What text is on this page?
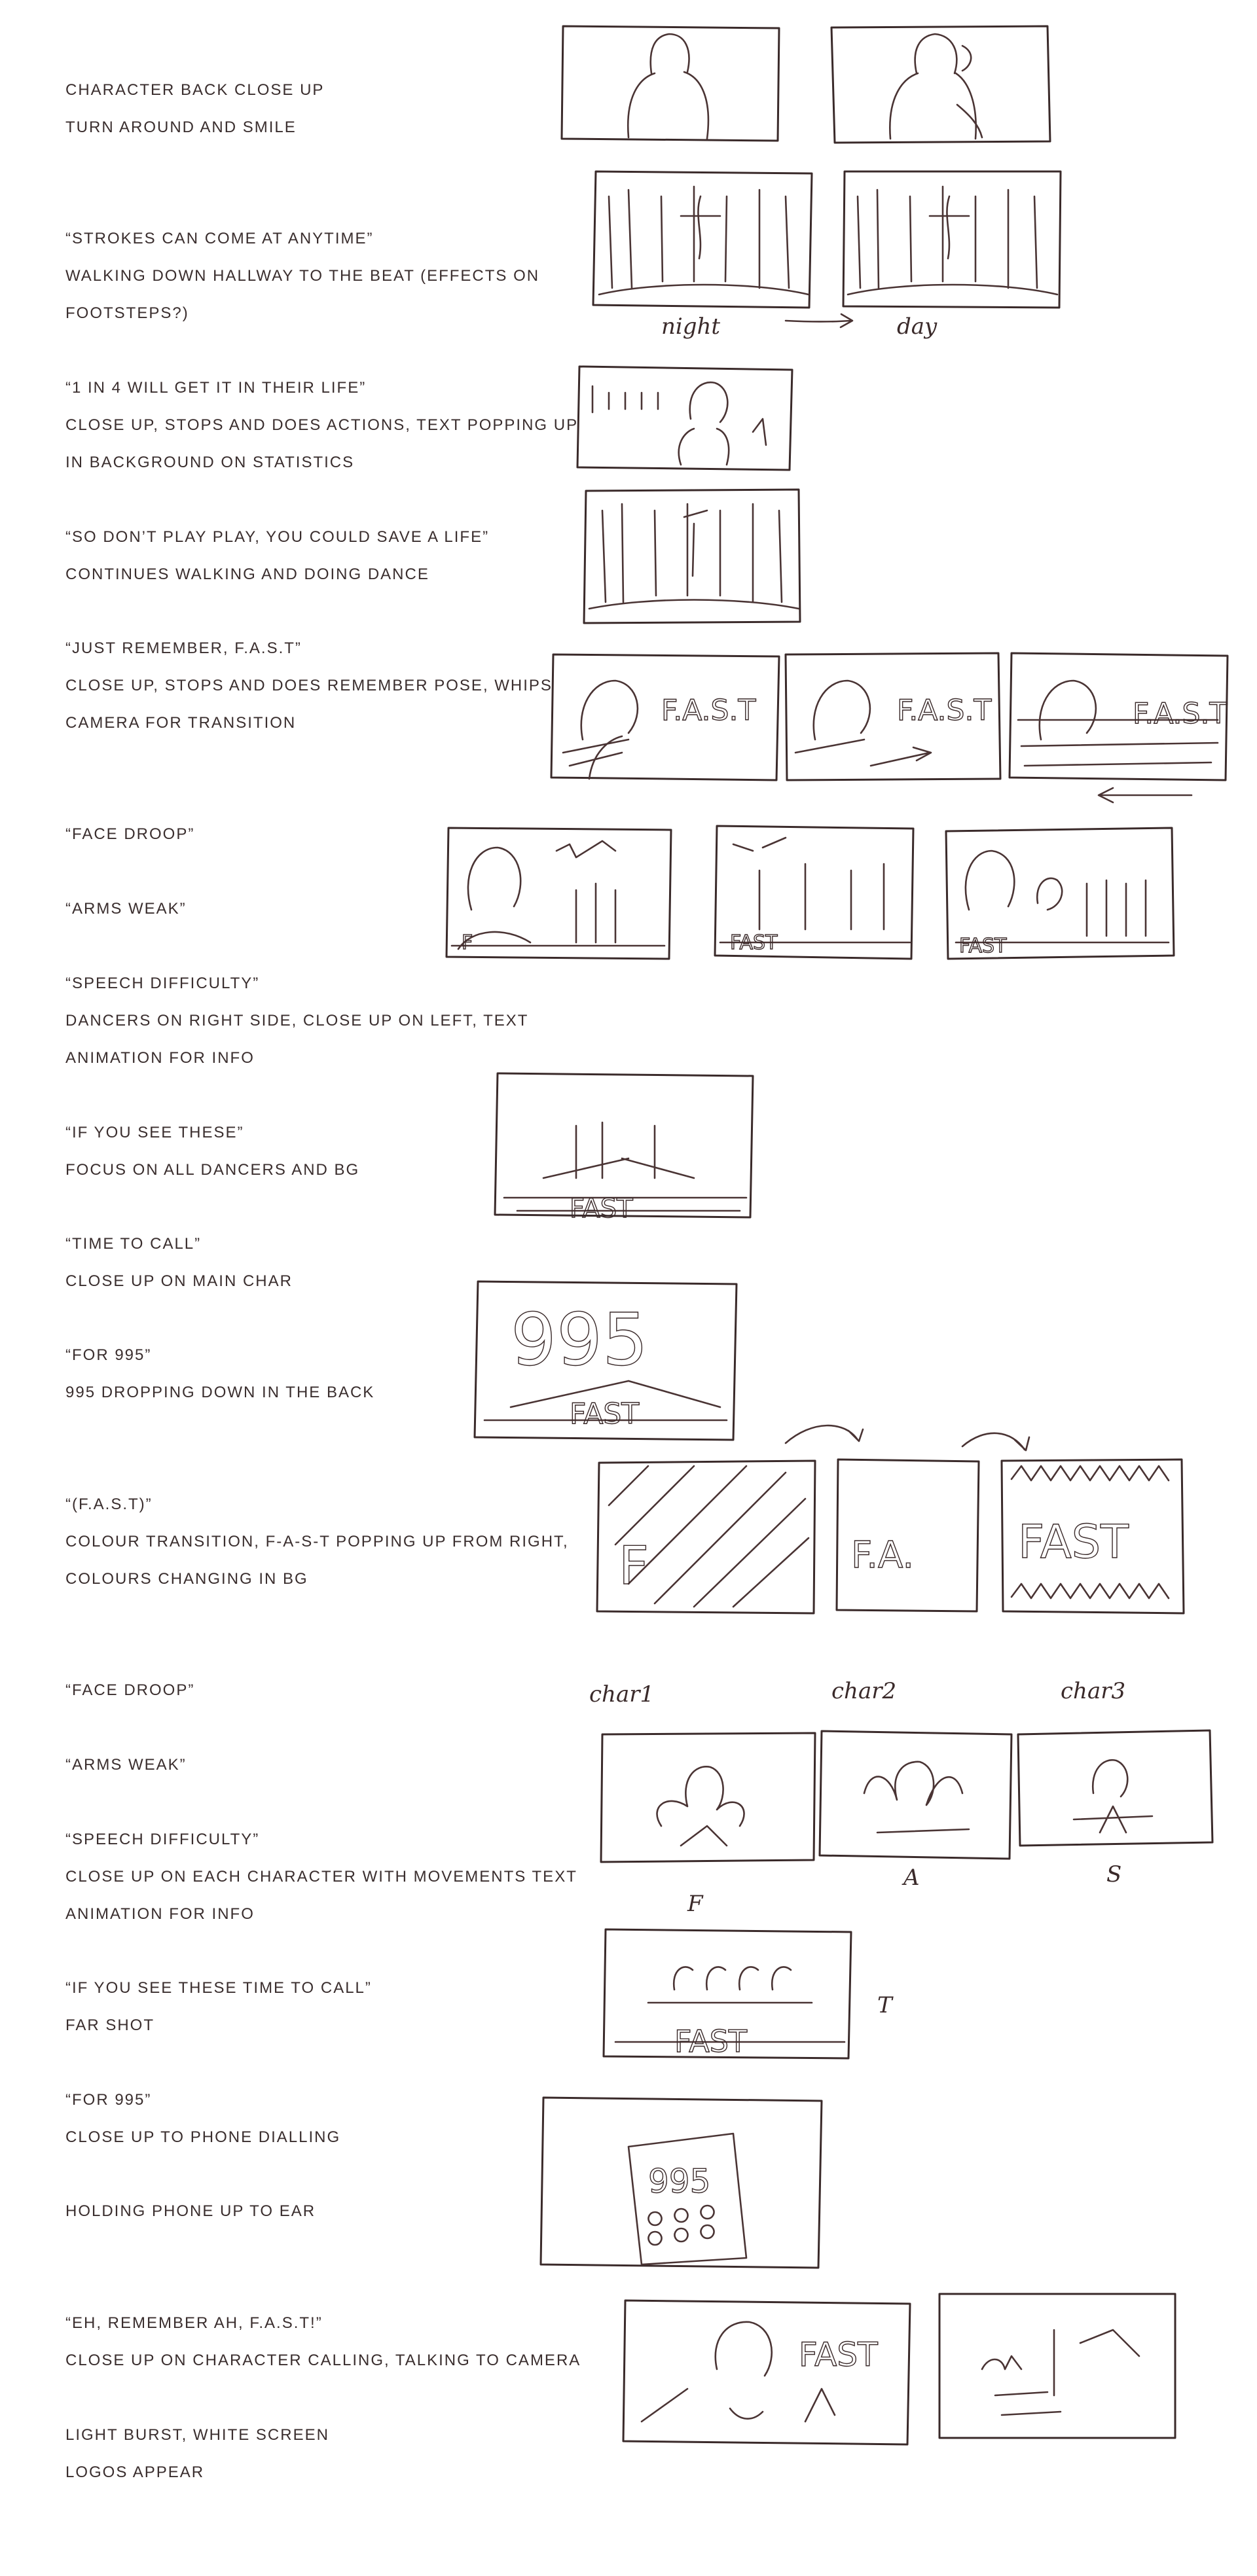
CHARACTER BACK CLOSE UP

TURN AROUND AND SMILE

“STROKES CAN COME AT ANYTIME”

WALKING DOWN HALLWAY TO THE BEAT (EFFECTS ON

FOOTSTEPS?)

“1 IN 4 WILL GET IT IN THEIR LIFE”

CLOSE UP, STOPS AND DOES ACTIONS, TEXT POPPING UP

IN BACKGROUND ON STATISTICS

“SO DON’T PLAY PLAY, YOU COULD SAVE A LIFE”

CONTINUES WALKING AND DOING DANCE

“JUST REMEMBER, F.A.S.T”

CLOSE UP, STOPS AND DOES REMEMBER POSE, WHIPS

CAMERA FOR TRANSITION

“FACE DROOP”

“ARMS WEAK”

“SPEECH DIFFICULTY”

DANCERS ON RIGHT SIDE, CLOSE UP ON LEFT, TEXT

ANIMATION FOR INFO

“IF YOU SEE THESE”

FOCUS ON ALL DANCERS AND BG

“TIME TO CALL”

CLOSE UP ON MAIN CHAR

“FOR 995”

995 DROPPING DOWN IN THE BACK

“(F.A.S.T)”

COLOUR TRANSITION, F-A-S-T POPPING UP FROM RIGHT,

COLOURS CHANGING IN BG

“FACE DROOP”

“ARMS WEAK”

“SPEECH DIFFICULTY”

CLOSE UP ON EACH CHARACTER WITH MOVEMENTS TEXT

ANIMATION FOR INFO

“IF YOU SEE THESE TIME TO CALL”

FAR SHOT

“FOR 995”

CLOSE UP TO PHONE DIALLING

HOLDING PHONE UP TO EAR

“EH, REMEMBER AH, F.A.S.T!”

CLOSE UP ON CHARACTER CALLING, TALKING TO CAMERA

LIGHT BURST, WHITE SCREEN

LOGOS APPEAR

night	day
F.A.S.T	F.A.S.T	F.A.S.T
F	FAST	FAST
FAST
995
FAST
F	F.A. FAST
char1	char2	char3
F
A	S
FAST
T
995
FAST
